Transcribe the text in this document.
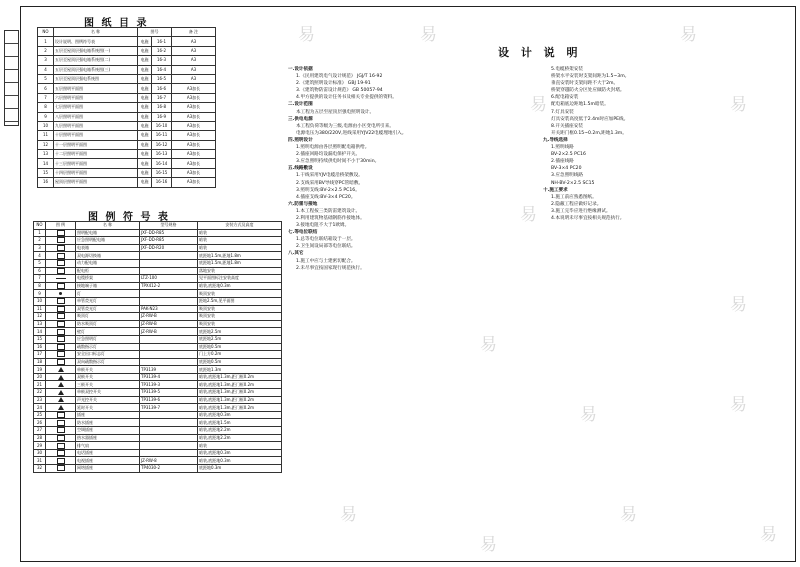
图 纸 目 录
NO	名 称	图号		备 注
1	设计说明、图例符号表	电施	16-1	A3
2	五层至屋顶层强电箱系统图(一)	电施	16-2	A3
3	五层至屋顶层强电箱系统图(二)	电施	16-3	A3
4	五层至屋顶层强电箱系统图(三)	电施	16-4	A3
5	五层至屋顶层强电系统图	电施	16-5	A3
6	五层照明平面图	电施	16-6	A3加长
7	六层照明平面图	电施	16-7	A3加长
8	七层照明平面图	电施	16-8	A3加长
9	八层照明平面图	电施	16-9	A3加长
10	九层照明平面图	电施	16-10	A3加长
11	十层照明平面图	电施	16-11	A3加长
12	十一层照明平面图	电施	16-12	A3加长
13	十二层照明平面图	电施	16-13	A3加长
14	十三层照明平面图	电施	16-14	A3加长
15	十四层照明平面图	电施	16-15	A3加长
16	屋顶层照明平面图	电施	16-16	A3加长
图 例 符 号 表
NO	图 例	名 称	型号规格	安装方式及高度
1		照明配电箱	JXF-DD-R85	暗装
2		应急照明配电箱	JXF-DD-R85	暗装
3		电表箱	JXF-DD-R20	暗装
4		双电源切换箱		底距地1.5m,距地1.8m
5		动力配电箱		底距地1.5m,距地1.8m
6		配电柜		落地安装
7		电缆桥架	LTZ-100	见平面图标注安装高度
8		接地端子箱	TPX412-2	暗装,底距地0.3m
9		灯		吸顶安装
10		单管荧光灯		距地2.5m,见平面图
11		双管荧光灯	PAK-N23	吸顶安装
12		吸顶灯	JZ-RW-B	吸顶安装
13		防水吸顶灯	JZ-RW-B	吸顶安装
14		壁灯	JZ-RW-B	底距地2.5m
15		应急照明灯		底距地2.5m
16		疏散指示灯		底距地0.5m
17		安全出口标志灯		门上方0.2m
18		双向疏散指示灯		底距地0.5m
19		单极开关	TP3139	底距地1.3m
20		双极开关	TP3139-4	暗装,底距地1.3m,距门框0.2m
21		三极开关	TP3139-3	暗装,底距地1.3m,距门框0.2m
22		单极双控开关	TP3139-5	暗装,底距地1.3m,距门框0.2m
23		声光控开关	TP3139-6	暗装,底距地1.3m,距门框0.2m
24		延时开关	TP3139-7	暗装,底距地1.3m,距门框0.2m
25		插座		暗装,底距地0.3m
26		防水插座		暗装,底距地1.5m
27		空调插座		暗装,底距地2.2m
28		热水器插座		暗装,底距地2.2m
29		排气扇		暗装
30		电话插座		暗装,底距地0.3m
31		电视插座	JZ-RW-8	暗装,底距地0.3m
32		网络插座	TP4030-2	底距地0.3m
设 计 说 明
一.设计依据
1.《民用建筑电气设计规范》 JGJ/T 16-92
2.《建筑照明设计标准》 GBJ 19-91
3.《建筑物防雷设计规范》 GB 50057-94
4.甲方提供的设计任务书及相关专业提供的资料。
二.设计范围
本工程为五层至屋顶层强电照明设计。
三.供电电源
本工程负荷等级为三级,电源由小区变电所引来。
电源电压为380/220V,进线采用YJV22电缆埋地引入。
四.照明设计
1.照明电源由各层照明配电箱供给。
2.插座回路均设漏电保护开关。
3.应急照明持续供电时间不小于30min。
五.线路敷设
1.干线采用YJV电缆沿桥架敷设。
2.支线采用BV导线穿PC管暗敷。
3.照明支线:BV-2×2.5 PC16。
4.插座支线:BV-3×4 PC20。
六.防雷与接地
1.本工程按三类防雷建筑设计。
2.利用建筑物基础钢筋作接地体。
3.接地电阻不大于1欧姆。
七.等电位联结
1.总等电位联结箱设于一层。
2.卫生间设局部等电位联结。
八.其它
1.施工中应与土建密切配合。
2.未尽事宜按国家现行规范执行。
5.电缆桥架安装
桥架水平安装时支架间距为1.5~3m。
垂直安装时支架间距不大于2m。
桥架穿越防火分区处应做防火封堵。
6.配电箱安装
配电箱底边距地1.5m暗装。
7.灯具安装
灯具安装高度低于2.4m时应加PE线。
8.开关插座安装
开关距门框0.15~0.2m,距地1.3m。
九.导线选择
1.照明线路
BV-2×2.5 PC16
2.插座线路
BV-3×4 PC20
3.应急照明线路
NH-BV-2×2.5 SC15
十.施工要求
1.施工前应熟悉图纸。
2.隐蔽工程应做好记录。
3.施工完毕应进行绝缘测试。
4.本说明未尽事宜按相关规范执行。
易	易	易
易	易
易
易
易
易	易
易	易
易	易
